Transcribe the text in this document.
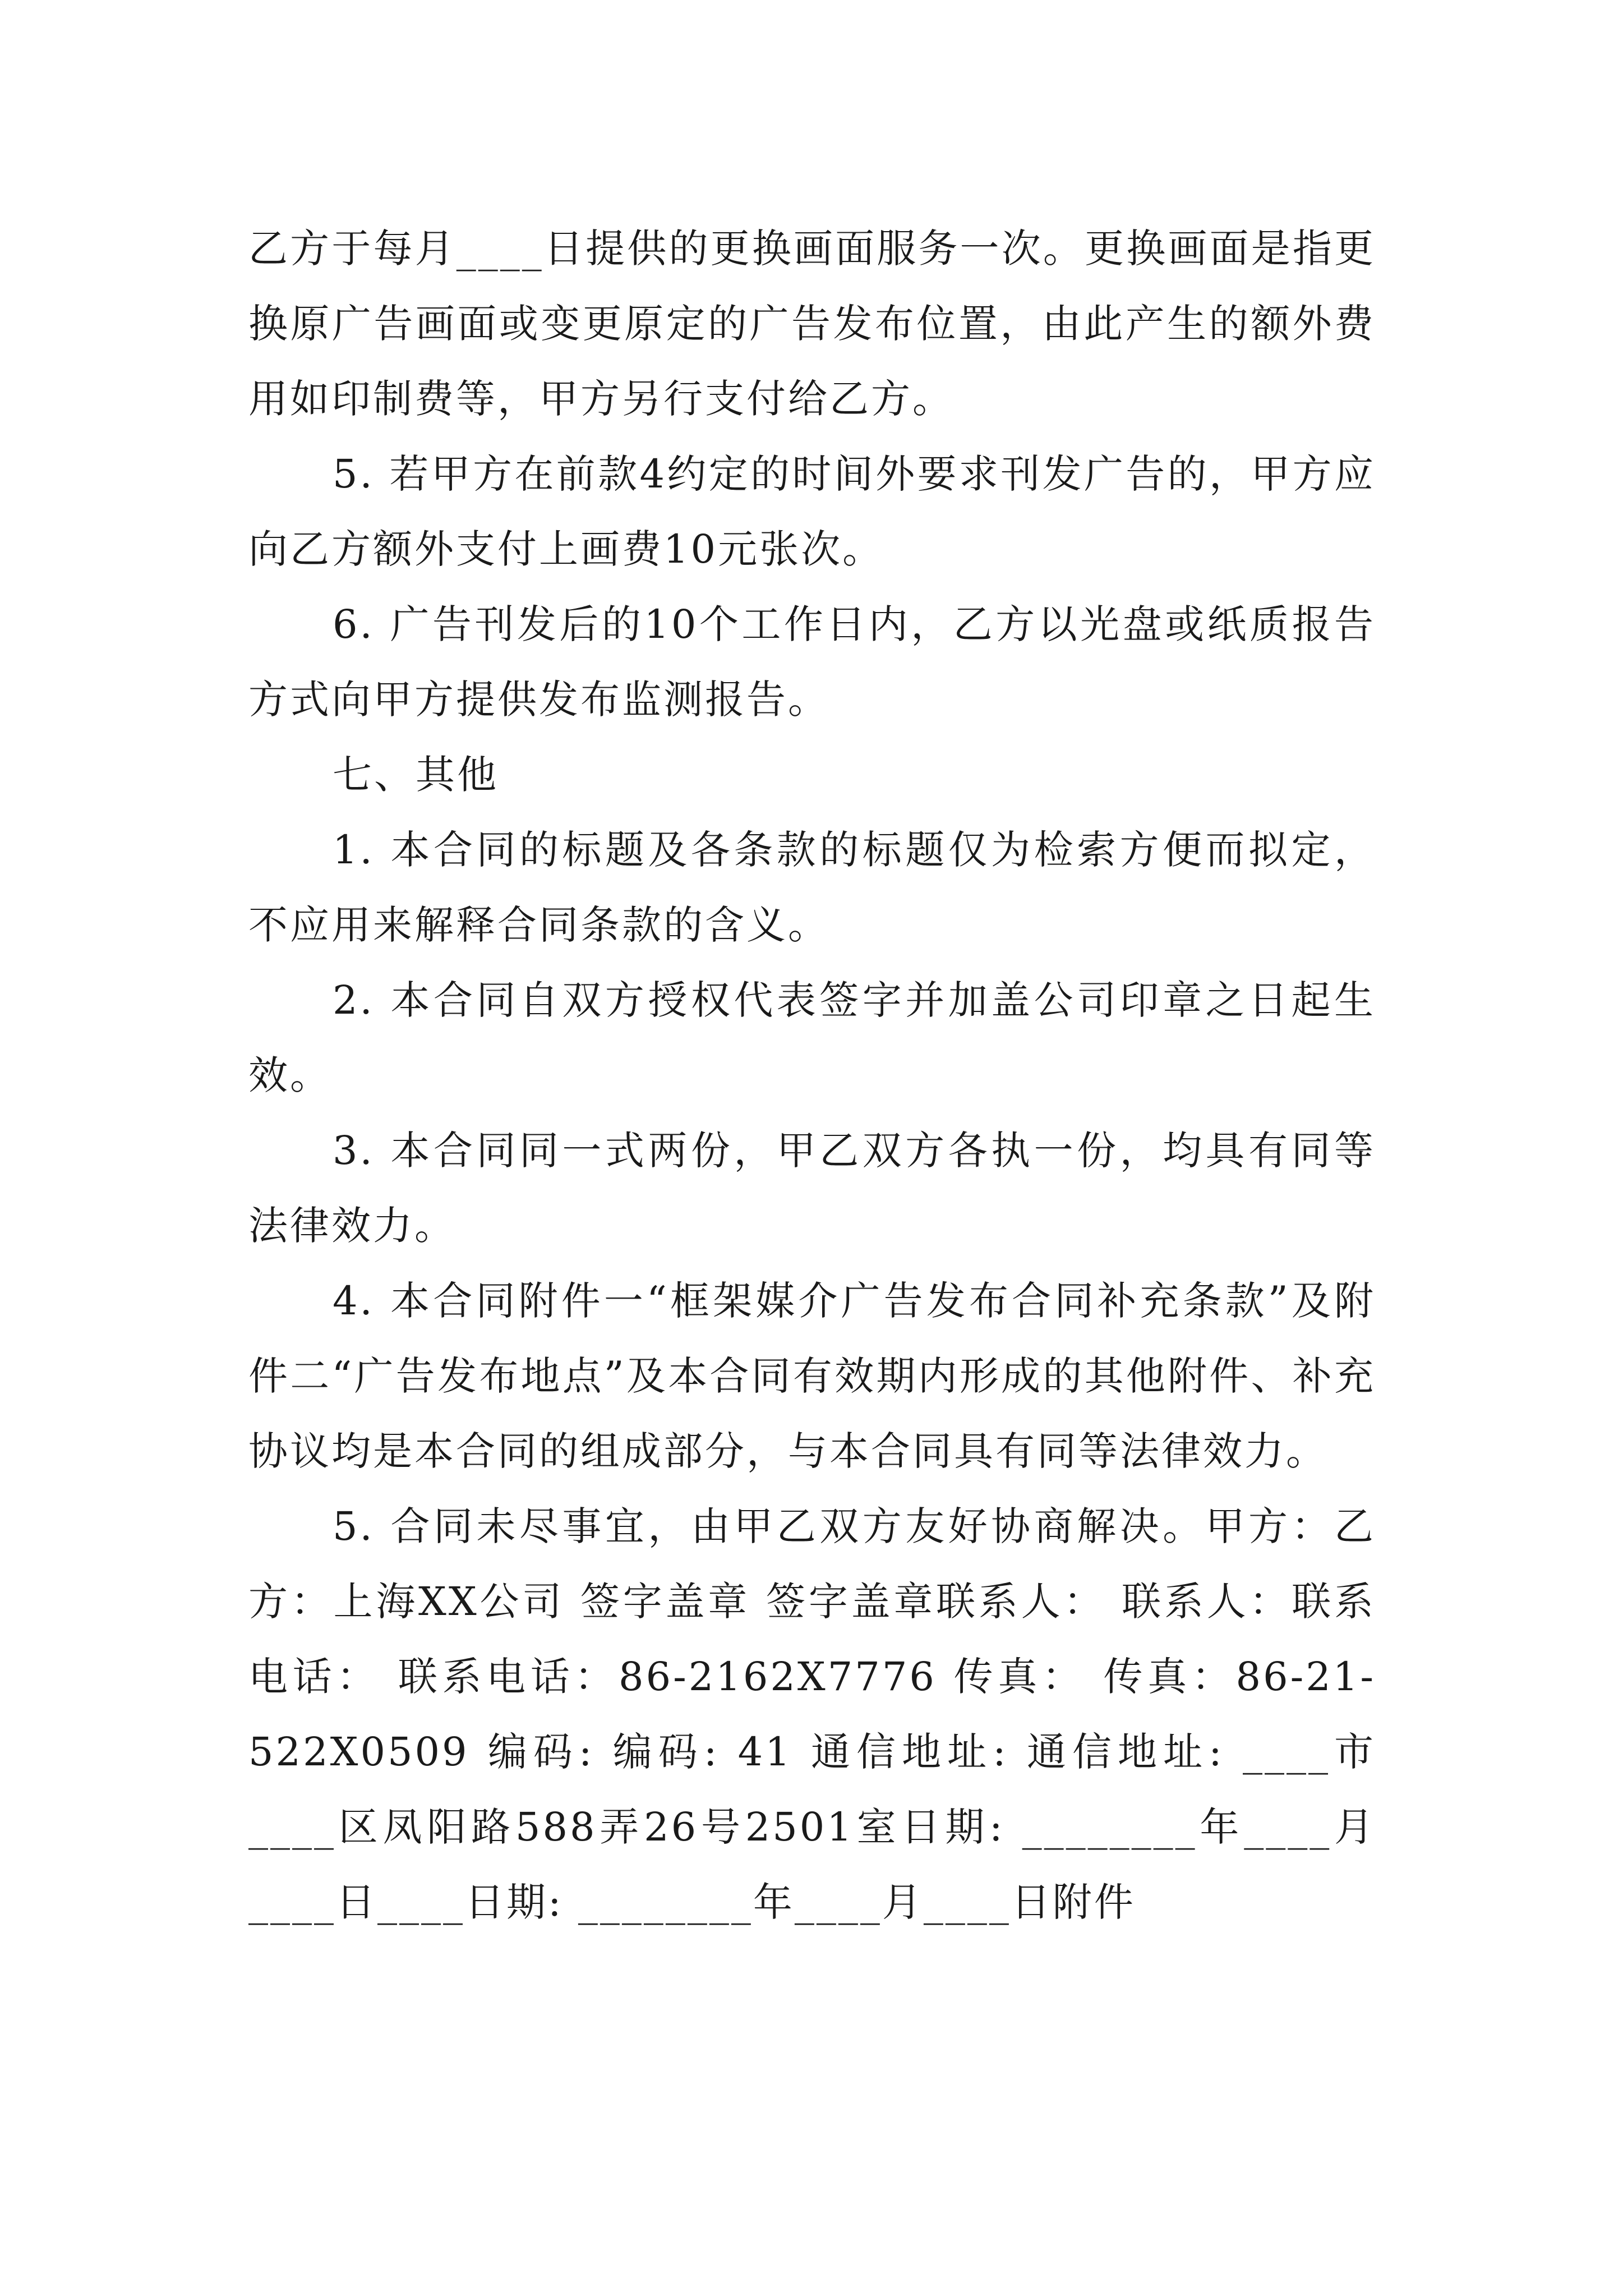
乙方于每月____日提供的更换画面服务一次。更换画面是指更换原广告画面或变更原定的广告发布位置，由此产生的额外费用如印制费等，甲方另行支付给乙方。

5. 若甲方在前款4约定的时间外要求刊发广告的，甲方应向乙方额外支付上画费10元张次。

6. 广告刊发后的10个工作日内，乙方以光盘或纸质报告方式向甲方提供发布监测报告。

七、其他

1. 本合同的标题及各条款的标题仅为检索方便而拟定，不应用来解释合同条款的含义。

2. 本合同自双方授权代表签字并加盖公司印章之日起生效。

3. 本合同同一式两份，甲乙双方各执一份，均具有同等法律效力。

4. 本合同附件一“框架媒介广告发布合同补充条款”及附件二“广告发布地点”及本合同有效期内形成的其他附件、补充协议均是本合同的组成部分，与本合同具有同等法律效力。

5. 合同未尽事宜，由甲乙双方友好协商解决。甲方：乙方：上海XX公司 签字盖章 签字盖章联系人： 联系人：联系电话： 联系电话：86-2162X7776 传真： 传真：86-21-522X0509 编码: 编码: 41 通信地址: 通信地址: ____市____区凤阳路588弄26号2501室日期: ________年____月____日____日期: ________年____月____日附件
